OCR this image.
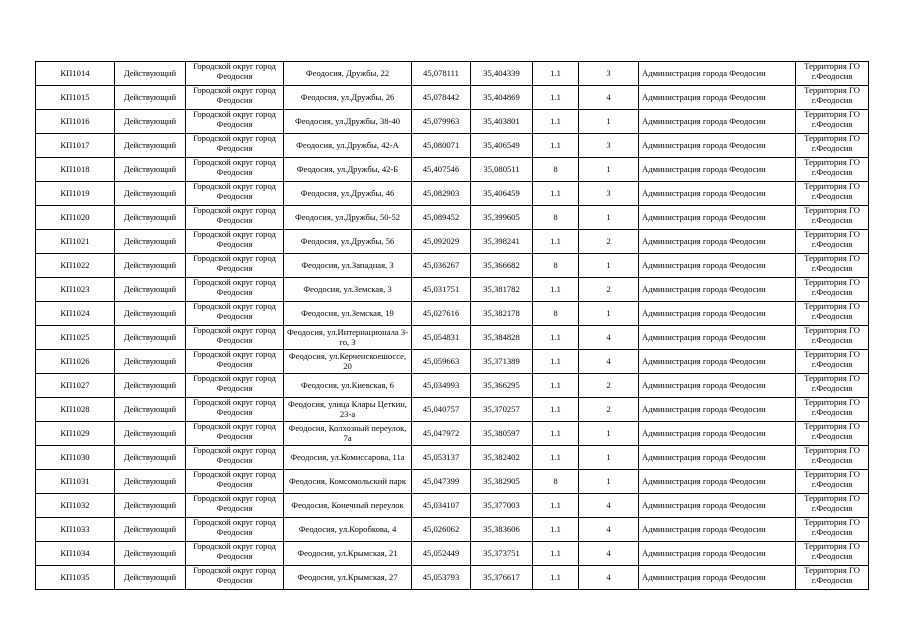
КП1014	Действующий	Городской округ город Феодосия	Феодосия, Дружбы, 22	45,078111	35,404339	1.1	3	Администрация города Феодосии	Территория ГО г.Феодосия
КП1015	Действующий	Городской округ город Феодосия	Феодосия, ул.Дружбы, 26	45,078442	35,404869	1.1	4	Администрация города Феодосии	Территория ГО г.Феодосия
КП1016	Действующий	Городской округ город Феодосия	Феодосия, ул.Дружбы, 38-40	45,079963	35,403801	1.1	1	Администрация города Феодосии	Территория ГО г.Феодосия
КП1017	Действующий	Городской округ город Феодосия	Феодосия, ул.Дружбы, 42-А	45,080071	35,406549	1.1	3	Администрация города Феодосии	Территория ГО г.Феодосия
КП1018	Действующий	Городской округ город Феодосия	Феодосия, ул.Дружбы, 42-Б	45,407546	35,080511	8	1	Администрация города Феодосии	Территория ГО г.Феодосия
КП1019	Действующий	Городской округ город Феодосия	Феодосия, ул.Дружбы, 46	45,082903	35,406459	1.1	3	Администрация города Феодосии	Территория ГО г.Феодосия
КП1020	Действующий	Городской округ город Феодосия	Феодосия, ул.Дружбы, 50-52	45,089452	35,399605	8	1	Администрация города Феодосии	Территория ГО г.Феодосия
КП1021	Действующий	Городской округ город Феодосия	Феодосия, ул.Дружбы, 56	45,092029	35,398241	1.1	2	Администрация города Феодосии	Территория ГО г.Феодосия
КП1022	Действующий	Городской округ город Феодосия	Феодосия, ул.Западная, 3	45,036267	35,366682	8	1	Администрация города Феодосии	Территория ГО г.Феодосия
КП1023	Действующий	Городской округ город Феодосия	Феодосия, ул.Земская, 3	45,031751	35,381782	1.1	2	Администрация города Феодосии	Территория ГО г.Феодосия
КП1024	Действующий	Городской округ город Феодосия	Феодосия, ул.Земская, 19	45,027616	35,382178	8	1	Администрация города Феодосии	Территория ГО г.Феодосия
КП1025	Действующий	Городской округ город Феодосия	Феодосия, ул.Интернационала 3-го, 3	45,054831	35,384828	1.1	4	Администрация города Феодосии	Территория ГО г.Феодосия
КП1026	Действующий	Городской округ город Феодосия	Феодосия, ул.Керченскоешоссе, 20	45,059663	35,371389	1.1	4	Администрация города Феодосии	Территория ГО г.Феодосия
КП1027	Действующий	Городской округ город Феодосия	Феодосия, ул.Киевская, 6	45,034993	35,366295	1.1	2	Администрация города Феодосии	Территория ГО г.Феодосия
КП1028	Действующий	Городской округ город Феодосия	Феодосия, улица Клары Цеткин, 23-а	45,040757	35,370257	1.1	2	Администрация города Феодосии	Территория ГО г.Феодосия
КП1029	Действующий	Городской округ город Феодосия	Феодосия, Колхозный переулок, 7а	45,047972	35,380597	1.1	1	Администрация города Феодосии	Территория ГО г.Феодосия
КП1030	Действующий	Городской округ город Феодосия	Феодосия, ул.Комиссарова, 11а	45,053137	35,382402	1.1	1	Администрация города Феодосии	Территория ГО г.Феодосия
КП1031	Действующий	Городской округ город Феодосия	Феодосия, Комсомольский парк	45,047399	35,382905	8	1	Администрация города Феодосии	Территория ГО г.Феодосия
КП1032	Действующий	Городской округ город Феодосия	Феодосия, Конечный переулок	45,034107	35,377003	1.1	4	Администрация города Феодосии	Территория ГО г.Феодосия
КП1033	Действующий	Городской округ город Феодосия	Феодосия, ул.Коробкова, 4	45,026062	35,383606	1.1	4	Администрация города Феодосии	Территория ГО г.Феодосия
КП1034	Действующий	Городской округ город Феодосия	Феодосия, ул.Крымская, 21	45,052449	35,373751	1.1	4	Администрация города Феодосии	Территория ГО г.Феодосия
КП1035	Действующий	Городской округ город Феодосия	Феодосия, ул.Крымская, 27	45,053793	35,376617	1.1	4	Администрация города Феодосии	Территория ГО г.Феодосия
